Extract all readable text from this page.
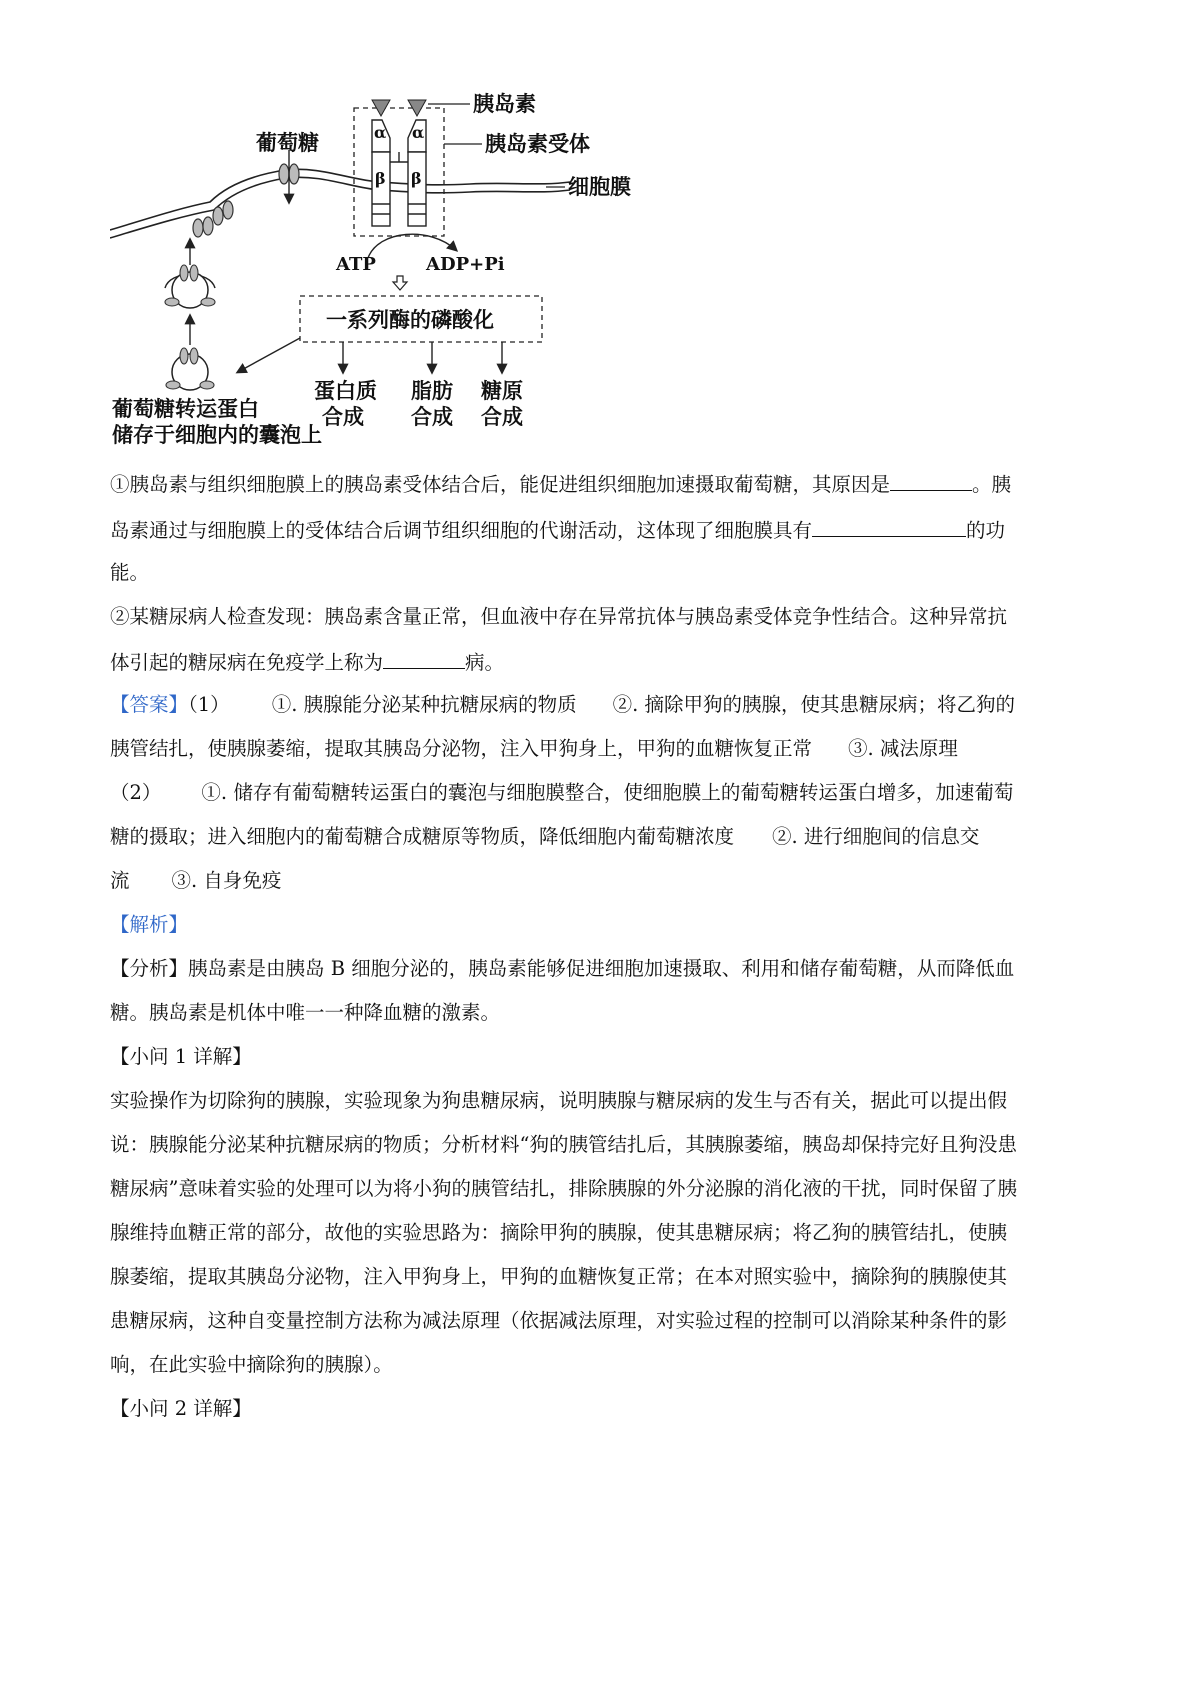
α α
β β
胰岛素
胰岛素受体
细胞膜
葡萄糖
ATP	ADP+Pi
一系列酶的磷酸化
蛋白质
合成
脂肪
合成
糖原
合成
葡萄糖转运蛋白
储存于细胞内的囊泡上
①胰岛素与组织细胞膜上的胰岛素受体结合后，能促进组织细胞加速摄取葡萄糖，其原因是	。胰
岛素通过与细胞膜上的受体结合后调节组织细胞的代谢活动，这体现了细胞膜具有	的功
能。
②某糖尿病人检查发现：胰岛素含量正常，但血液中存在异常抗体与胰岛素受体竞争性结合。这种异常抗
体引起的糖尿病在免疫学上称为	病。
【答案】（1） ①. 胰腺能分泌某种抗糖尿病的物质 ②. 摘除甲狗的胰腺，使其患糖尿病；将乙狗的
胰管结扎，使胰腺萎缩，提取其胰岛分泌物，注入甲狗身上，甲狗的血糖恢复正常 ③. 减法原理
（2） ①. 储存有葡萄糖转运蛋白的囊泡与细胞膜整合，使细胞膜上的葡萄糖转运蛋白增多，加速葡萄
糖的摄取；进入细胞内的葡萄糖合成糖原等物质，降低细胞内葡萄糖浓度 ②. 进行细胞间的信息交
流 ③. 自身免疫
【解析】
【分析】胰岛素是由胰岛 B 细胞分泌的，胰岛素能够促进细胞加速摄取、利用和储存葡萄糖，从而降低血
糖。胰岛素是机体中唯一一种降血糖的激素。
【小问 1 详解】
实验操作为切除狗的胰腺，实验现象为狗患糖尿病，说明胰腺与糖尿病的发生与否有关，据此可以提出假
说：胰腺能分泌某种抗糖尿病的物质；分析材料“狗的胰管结扎后，其胰腺萎缩，胰岛却保持完好且狗没患
糖尿病”意味着实验的处理可以为将小狗的胰管结扎，排除胰腺的外分泌腺的消化液的干扰，同时保留了胰
腺维持血糖正常的部分，故他的实验思路为：摘除甲狗的胰腺，使其患糖尿病；将乙狗的胰管结扎，使胰
腺萎缩，提取其胰岛分泌物，注入甲狗身上，甲狗的血糖恢复正常；在本对照实验中，摘除狗的胰腺使其
患糖尿病，这种自变量控制方法称为减法原理（依据减法原理，对实验过程的控制可以消除某种条件的影
响，在此实验中摘除狗的胰腺）。
【小问 2 详解】
